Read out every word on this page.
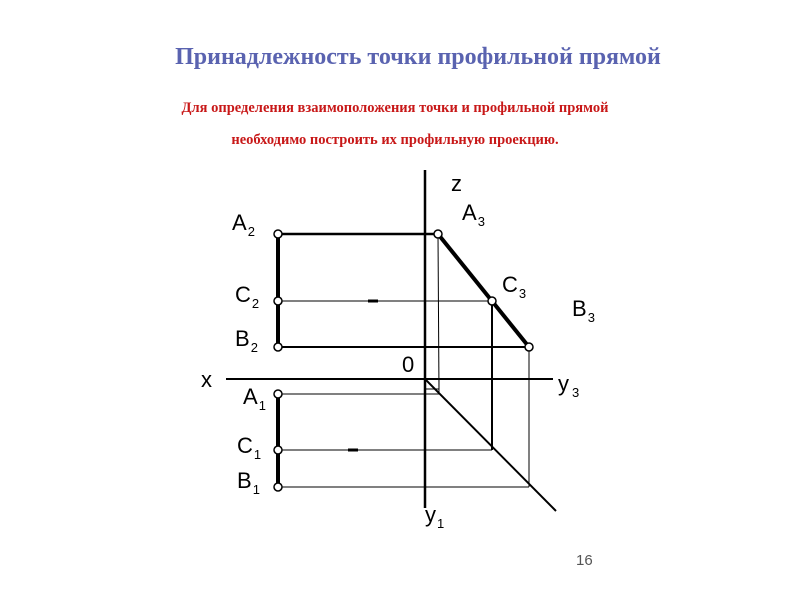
Принадлежность точки профильной прямой
Для определения взаимоположения точки и профильной прямой
необходимо построить их профильную проекцию.
z
x
0
y $_3$
$y_1$
$A_2$
$C_2$
$B_2$
$A_1$
$C_1$
$B_1$
$A_3$
$C_3$
$B_3$
16
